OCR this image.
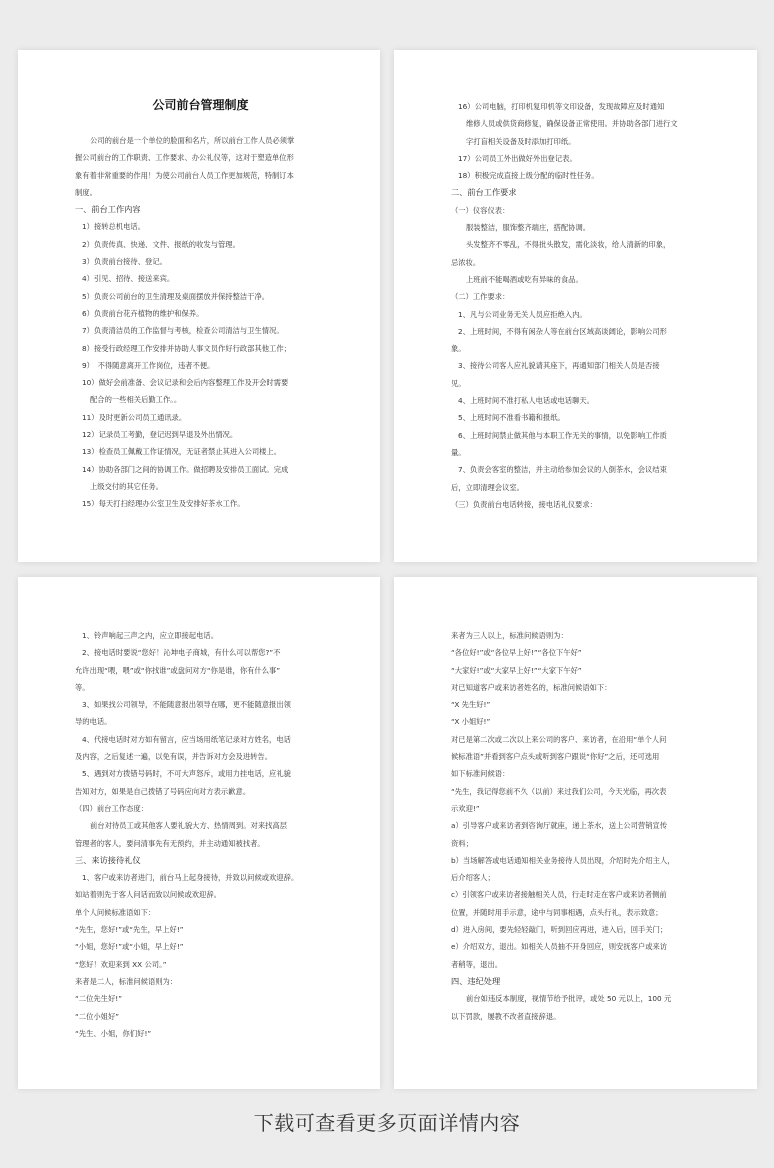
公司前台管理制度
公司的前台是一个单位的脸面和名片，所以前台工作人员必须掌
握公司前台的工作职责、工作要求、办公礼仪等，这对于塑造单位形
象有着非常重要的作用！为使公司前台人员工作更加规范，特制订本
制度。
一、前台工作内容
1）接转总机电话。
2）负责传真、快递、文件、报纸的收发与管理。
3）负责前台接待、登记。
4）引见、招待、接送来宾。
5）负责公司前台的卫生清理及桌面摆放并保持整洁干净。
6）负责前台花卉植物的维护和保养。
7）负责清洁员的工作监督与考核，检查公司清洁与卫生情况。
8）接受行政经理工作安排并协助人事文员作好行政部其他工作；
9）　不得随意离开工作岗位，违者不便。
10）做好会前准备、会议记录和会后内容整理工作及开会时需要
配合的一些相关后勤工作。。
11）及时更新公司员工通讯录。
12）记录员工考勤，登记迟到早退及外出情况。
13）检查员工佩戴工作证情况，无证者禁止其进入公司楼上。
14）协助各部门之间的协调工作。做招聘及安排员工面试。完成
上级交付的其它任务。
15）每天打扫经理办公室卫生及安排好茶水工作。
16）公司电脑，打印机复印机等文印设备，发现故障应及时通知
维修人员或供货商修复，确保设备正常使用。并协助各部门进行文
字打盲相关设备及时添加打印纸。
17）公司员工外出做好外出登记表。
18）积极完成直接上级分配的临时性任务。
二、前台工作要求
（一）仪容仪表：
服装整洁，服饰整齐端庄，搭配协调。
头发整齐不零乱，不得批头散发，需化淡妆，给人清新的印象，
忌浓妆。
上班前不能喝酒或吃有异味的食品。
（二）工作要求：
1、凡与公司业务无关人员应拒绝入内。
2、上班时间，不得有闲杂人等在前台区域高谈阔论，影响公司形
象。
3、接待公司客人应礼貌请其座下，再通知部门相关人员是否接
见。
4、上班时间不准打私人电话或电话聊天。
5、上班时间不准看书籍和报纸。
6、上班时间禁止做其他与本职工作无关的事情，以免影响工作质
量。
7、负责会客室的整洁，并主动给参加会议的人倒茶水，会议结束
后，立即清理会议室。
（三）负责前台电话转接，接电话礼仪要求：
1、铃声响起三声之内，应立即接起电话。
2、接电话时要说“您好！沁坤电子商城，有什么可以帮您?”不
允许出现“喂，喂”或“你找谁”或盘问对方“你是谁，你有什么事”
等。
3、如果找公司领导，不能随意报出领导在哪，更不能随意报出领
导的电话。
4、代接电话时对方如有留言，应当场用纸笔记录对方姓名，电话
及内容，之后复述一遍，以免有误，并告诉对方会及进转告。
5、遇到对方拨错号码时，不可大声怒斥，或用力挂电话，应礼貌
告知对方，如果是自己拨错了号码应向对方表示歉意。
（四）前台工作态度：
前台对待员工或其他客人要礼貌大方、热情周到。对来找高层
管理者的客人，要问清事先有无预约，并主动通知被找者。
三、来访接待礼仪
1、客户或来访者进门，前台马上起身接待，并致以问候或欢迎辞。
如站着则先于客人问话而致以问候或欢迎辞。
单个人问候标准语如下：
“先生，您好!”或“先生，早上好!”
“小姐，您好!”或“小姐，早上好!”
“您好！欢迎来到 XX 公司。”
来者是二人，标准问候语则为：
“二位先生好!”
“二位小姐好”
“先生、小姐，你们好!”
来者为三人以上，标准问候语则为：
“各位好!”或“各位早上好!”“各位下午好”
“大家好!”或“大家早上好!”“大家下午好”
对已知道客户或来访者姓名的，标准问候语如下：
“X 先生好!”
“X 小姐好!”
对已是第二次或二次以上来公司的客户、来访者，在沿用“单个人问
候标准语”并看到客户点头或听到客户跟说“你好”之后，还可选用
如下标准问候语：
“先生，我记得您前不久（以前）来过我们公司，今天光临，再次表
示欢迎!”
a）引导客户或来访者到咨询厅就座，递上茶水，送上公司营销宣传
资料；
b）当场解答或电话通知相关业务接待人员出现，介绍时先介绍主人，
后介绍客人；
c）引领客户或来访者接触相关人员，行走时走在客户或来访者侧前
位置，并随时用手示意，途中与同事相遇，点头行礼，表示致意；
d）进入房间，要先轻轻敲门，听到回应再进，进入后，回手关门；
e）介绍双方，退出。如相关人员抽不开身回应，则安抚客户或来访
者稍等，退出。
四、违纪处理
前台如违反本制度，视情节给予批评，或处 50 元以上，100 元
以下罚款，屡教不改者直接辞退。
下载可查看更多页面详情内容
